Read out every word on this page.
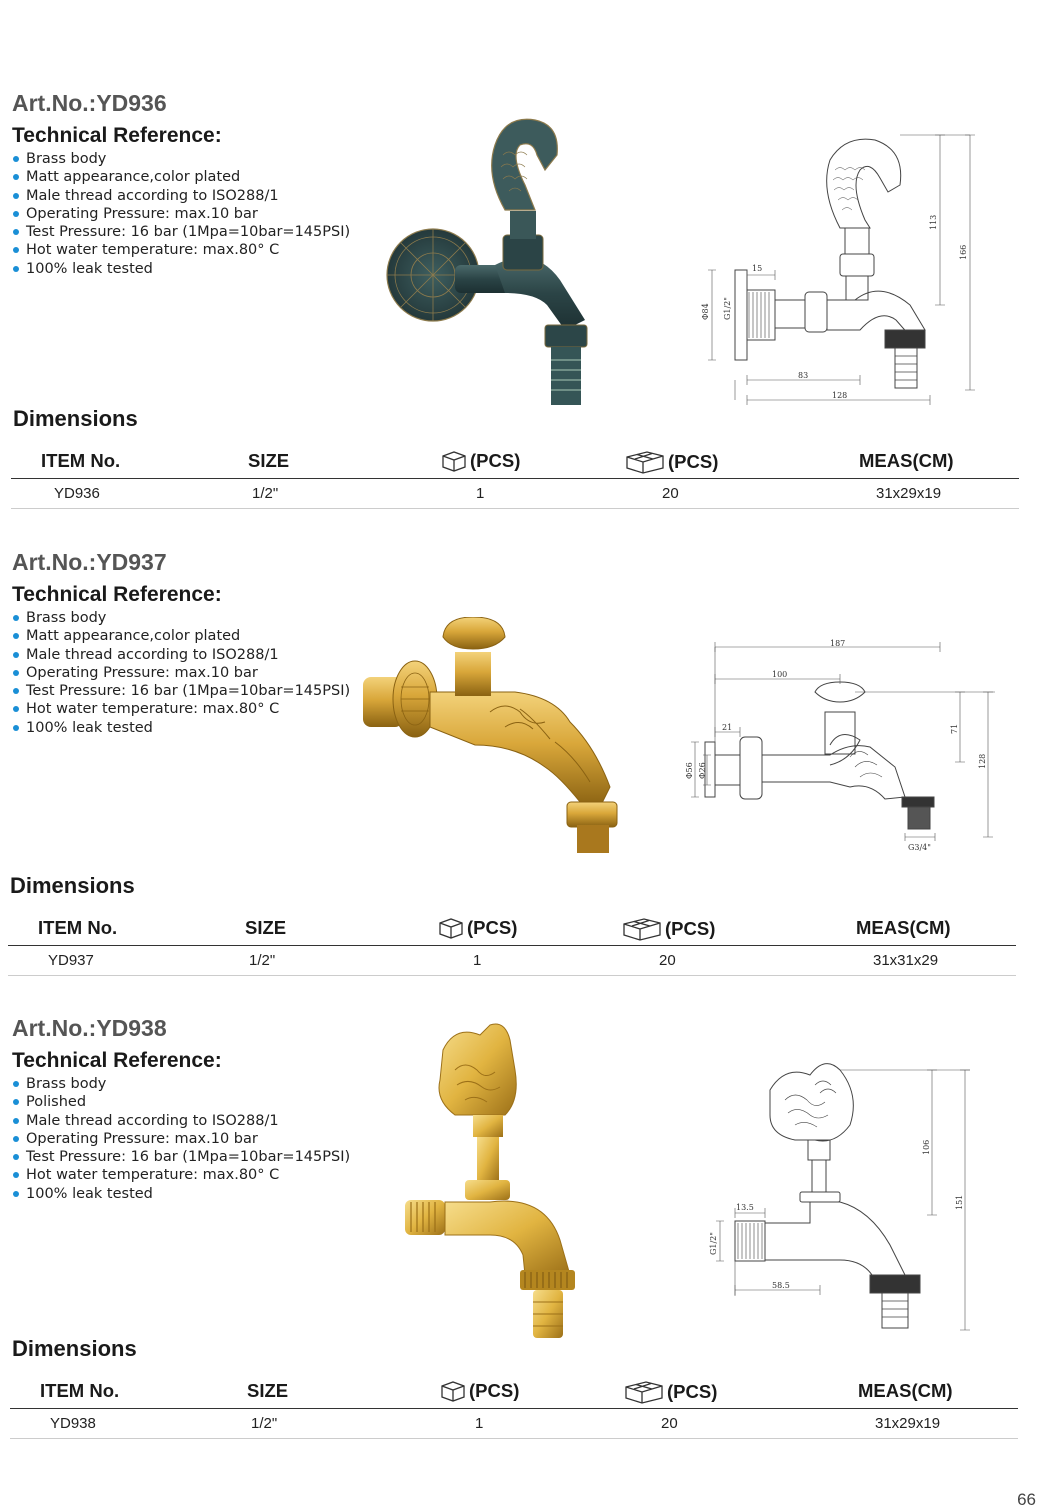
Art.No.:YD936
Technical Reference:
Brass body
Matt appearance,color plated
Male thread according to ISO288/1
Operating Pressure: max.10 bar
Test Pressure: 16 bar (1Mpa=10bar=145PSI)
Hot water temperature: max.80° C
100% leak tested	15
Φ84 G1/2"
83
128
113
166
Dimensions
ITEM No.	SIZE	(PCS)	(PCS)	MEAS(CM)
YD936	1/2"	1	20	31x29x19
Art.No.:YD937
Technical Reference:
Brass body
Matt appearance,color plated
Male thread according to ISO288/1
Operating Pressure: max.10 bar
Test Pressure: 16 bar (1Mpa=10bar=145PSI)
Hot water temperature: max.80° C
100% leak tested
187
100
21
Φ56 Φ26
71
128
G3/4"
Dimensions
ITEM No.	SIZE	(PCS)	(PCS)	MEAS(CM)
YD937	1/2"	1	20	31x31x29
Art.No.:YD938
Technical Reference:
Brass body
Polished
Male thread according to ISO288/1
Operating Pressure: max.10 bar
Test Pressure: 16 bar (1Mpa=10bar=145PSI)
Hot water temperature: max.80° C
100% leak tested
13.5
G1/2"
58.5
106
151
Dimensions
ITEM No.	SIZE	(PCS)	(PCS)	MEAS(CM)
YD938	1/2"	1	20	31x29x19
66
